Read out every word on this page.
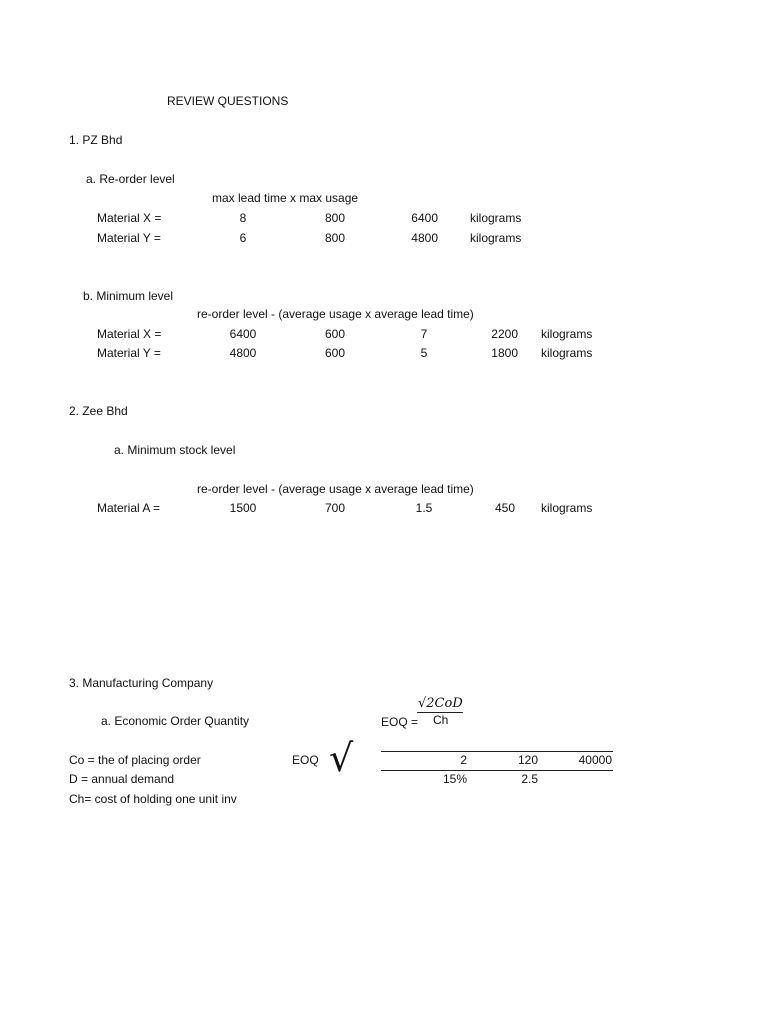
REVIEW QUESTIONS
1. PZ Bhd
a. Re-order level
max lead time x max usage
Material X =	8	800	6400	kilograms
Material Y =	6	800	4800	kilograms
b. Minimum level
re-order level - (average usage x average lead time)
Material X =	6400	600	7	2200 kilograms
Material Y =	4800	600	5	1800 kilograms
2. Zee Bhd
a. Minimum stock level
re-order level - (average usage x average lead time)
Material A =	1500	700	1.5	450 kilograms
3. Manufacturing Company
√2CoD
Ch
a. Economic Order Quantity	EOQ =
Co = the of placing order
D = annual demand
Ch= cost of holding one unit inv
EOQ √	2	120	40000
15%	2.5
